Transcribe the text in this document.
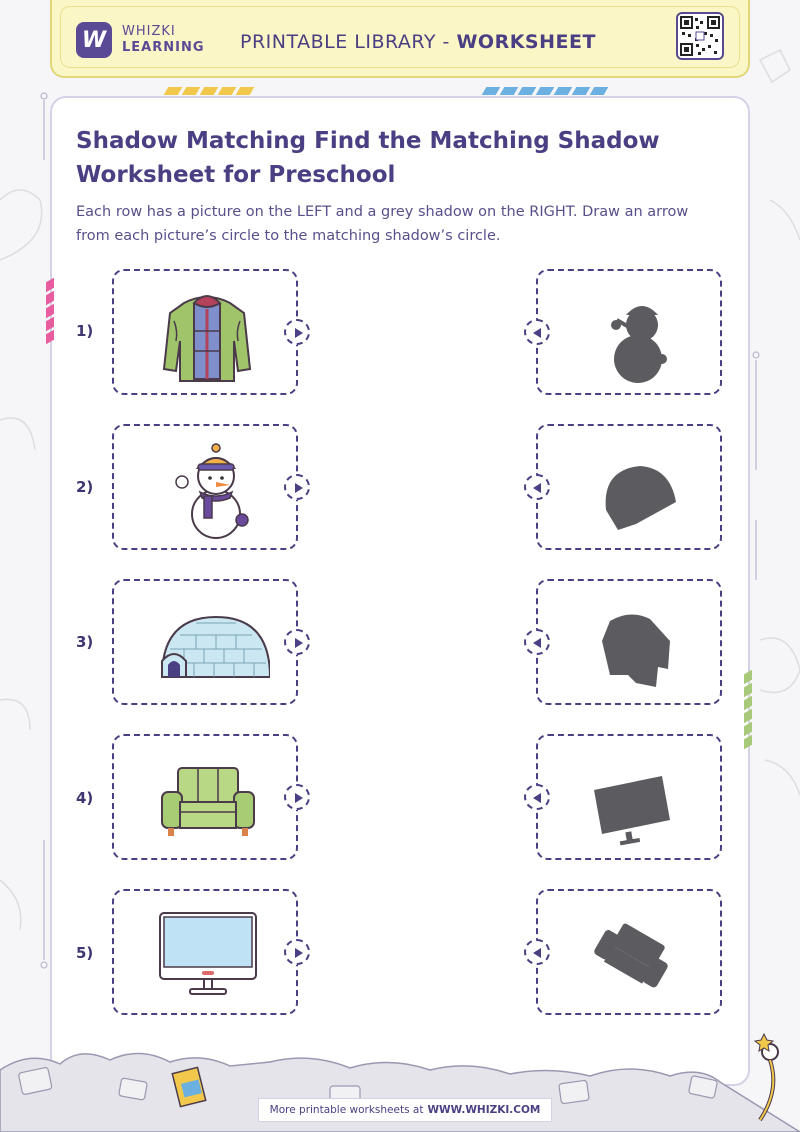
W	WHIZKI
LEARNING PRINTABLE LIBRARY - WORKSHEET
Shadow Matching Find the Matching Shadow Worksheet for Preschool

Each row has a picture on the LEFT and a grey shadow on the RIGHT. Draw an arrow from each picture’s circle to the matching shadow’s circle.

1)
2)
3)
4)
5)
More printable worksheets at WWW.WHIZKI.COM
